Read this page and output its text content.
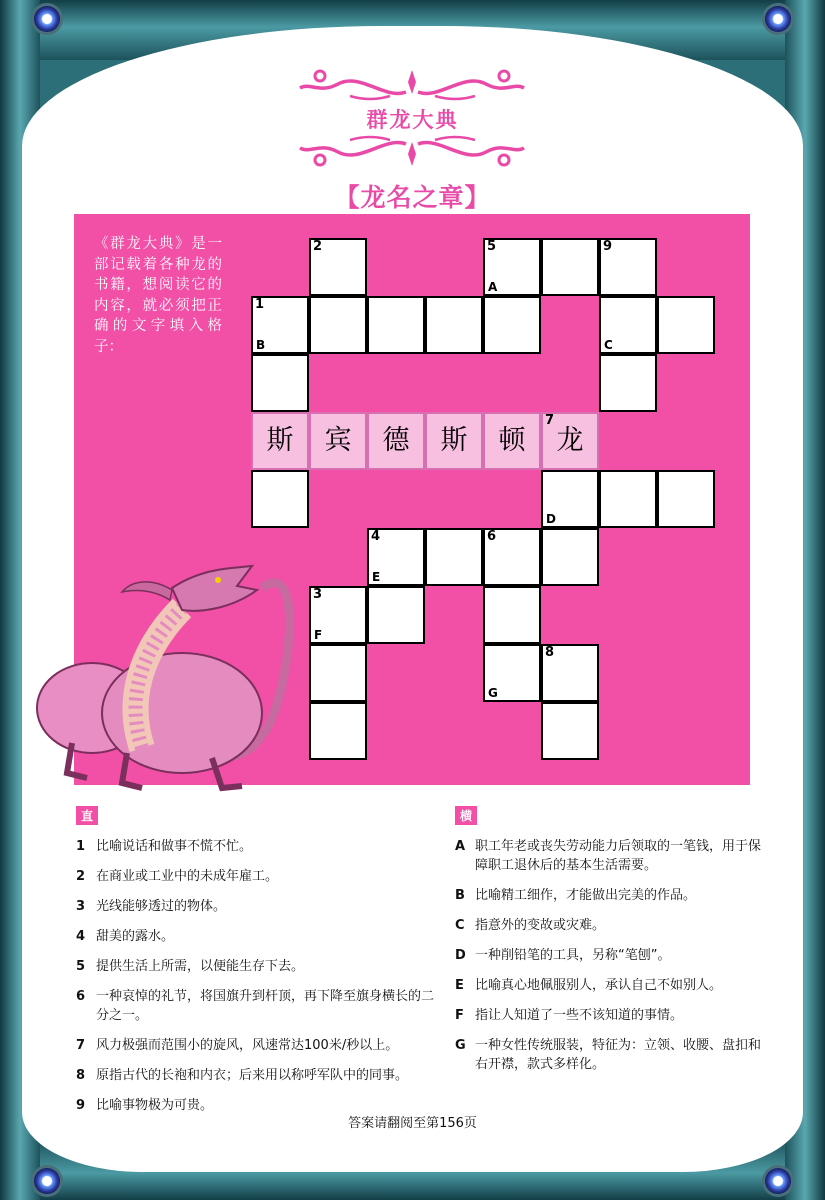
群龙大典
【龙名之章】
《群龙大典》是一部记载着各种龙的书籍，想阅读它的内容，就必须把正确的文字填入格子：
2	5
A
9
1
B	C
斯	宾	德	斯	顿	龙
7
D
4
E
6
3
F
G
8
直
1 比喻说话和做事不慌不忙。
2 在商业或工业中的未成年雇工。
3 光线能够透过的物体。
4 甜美的露水。
5 提供生活上所需，以便能生存下去。
6 一种哀悼的礼节，将国旗升到杆顶，再下降至旗身横长的二分之一。
7 风力极强而范围小的旋风，风速常达100米/秒以上。
8 原指古代的长袍和内衣；后来用以称呼军队中的同事。
9 比喻事物极为可贵。
横
A 职工年老或丧失劳动能力后领取的一笔钱，用于保障职工退休后的基本生活需要。
B 比喻精工细作，才能做出完美的作品。
C 指意外的变故或灾难。
D 一种削铅笔的工具，另称“笔刨”。
E 比喻真心地佩服别人，承认自己不如别人。
F 指让人知道了一些不该知道的事情。
G 一种女性传统服装，特征为：立领、收腰、盘扣和右开襟，款式多样化。
答案请翻阅至第156页
